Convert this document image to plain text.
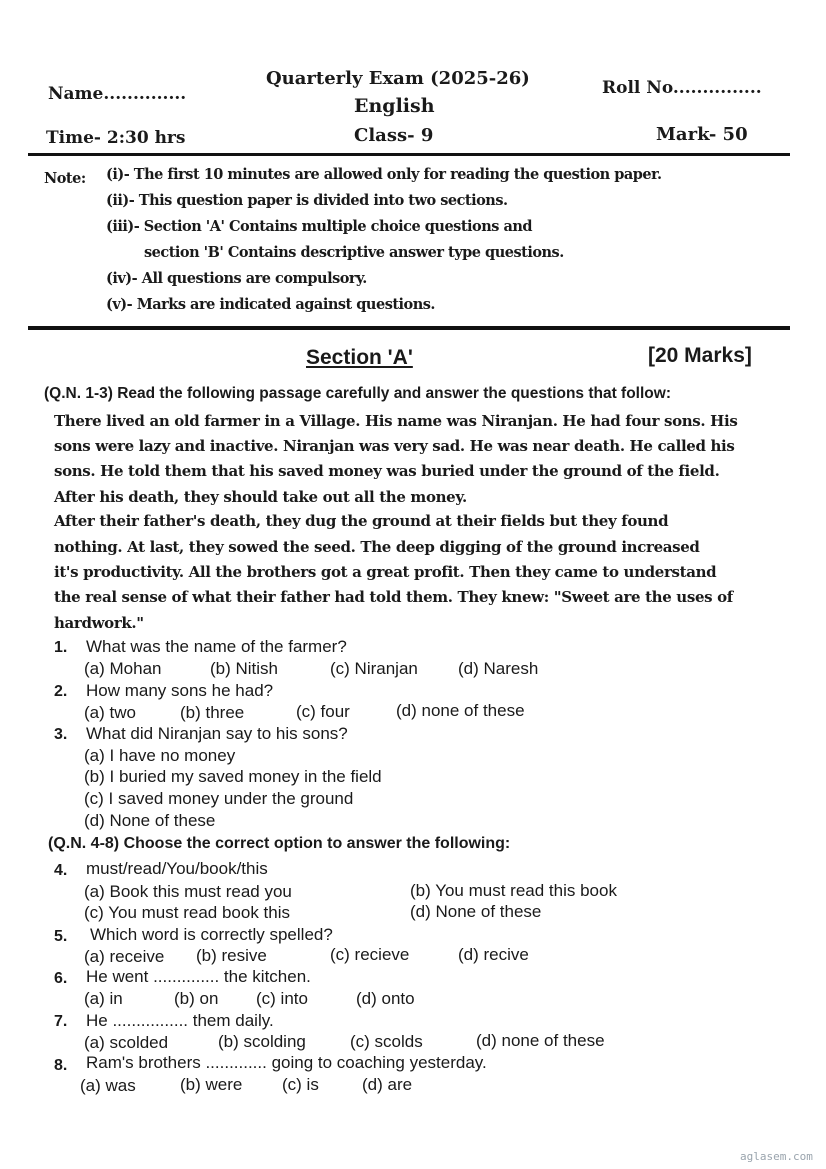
Name..............
Quarterly Exam (2025-26)
English
Roll No...............
Time- 2:30 hrs	Class- 9	Mark- 50
Note: (i)- The first 10 minutes are allowed only for reading the question paper.
(ii)- This question paper is divided into two sections.
(iii)- Section 'A' Contains multiple choice questions and
section 'B' Contains descriptive answer type questions.
(iv)- All questions are compulsory.
(v)- Marks are indicated against questions.
Section 'A'	[20 Marks]
(Q.N. 1-3) Read the following passage carefully and answer the questions that follow:
There lived an old farmer in a Village. His name was Niranjan. He had four sons. His
sons were lazy and inactive. Niranjan was very sad. He was near death. He called his
sons. He told them that his saved money was buried under the ground of the field.
After his death, they should take out all the money.
After their father's death, they dug the ground at their fields but they found
nothing. At last, they sowed the seed. The deep digging of the ground increased
it's productivity. All the brothers got a great profit. Then they came to understand
the real sense of what their father had told them. They knew: "Sweet are the uses of
hardwork."
1. What was the name of the farmer?
(a) Mohan	(b) Nitish	(c) Niranjan (d) Naresh
2. How many sons he had?
(a) two	(b) three	(c) four	(d) none of these
3. What did Niranjan say to his sons?
(a) I have no money
(b) I buried my saved money in the field
(c) I saved money under the ground
(d) None of these
(Q.N. 4-8) Choose the correct option to answer the following:
4. must/read/You/book/this
(a) Book this must read you	(b) You must read this book
(c) You must read book this	(d) None of these
5. Which word is correctly spelled?
(a) receive (b) resive	(c) recieve	(d) recive
6. He went .............. the kitchen.
(a) in	(b) on (c) into	(d) onto
7. He ................ them daily.
(a) scolded	(b) scolding	(c) scolds	(d) none of these
8. Ram's brothers ............. going to coaching yesterday.
(a) was	(b) were (c) is	(d) are
aglasem.com
